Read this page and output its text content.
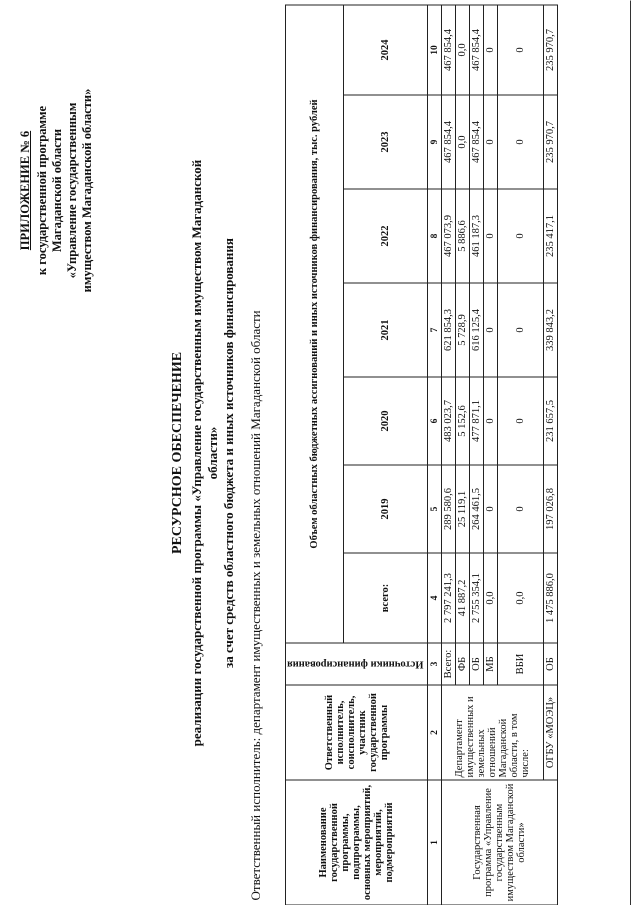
ПРИЛОЖЕНИЕ № 6 к государственной программе Магаданской области «Управление государственным имуществом Магаданской области»
РЕСУРСНОЕ ОБЕСПЕЧЕНИЕ реализации государственной программы «Управление государственным имуществом Магаданской области» за счет средств областного бюджета и иных источников финансирования Ответственный исполнитель: департамент имущественных и земельных отношений Магаданской области	Наименование государственной программы, подпрограммы, основных мероприятий, мероприятий, подмероприятий	Ответственный исполнитель, соисполнитель, участник государственной программы	Источники финансирования	Объем областных бюджетных ассигнований и иных источников финансирования, тыс. рублей						
			всего:	2019	2020	2021	2022	2023	2024
1	2	3	4	5	6	7	8	9	10
Государственная программа «Управление государственным имуществом Магаданской области»	Департамент имущественных и земельных отношений Магаданской области, в том числе:	Всего:	2 797 241,3	289 580,6	483 023,7	621 854,3	467 073,9	467 854,4	467 854,4
		ФБ	41 887,2	25 119,1	5 152,6	5 728,9	5 886,6	0,0	0,0
		ОБ	2 755 354,1	264 461,5	477 871,1	616 125,4	461 187,3	467 854,4	467 854,4
		МБ	0,0	0	0	0	0	0	0
		ВБИ	0,0	0	0	0	0	0	0
	ОГБУ «МОЭЦ»	ОБ	1 475 886,0	197 026,8	231 657,5	339 843,2	235 417,1	235 970,7	235 970,7
